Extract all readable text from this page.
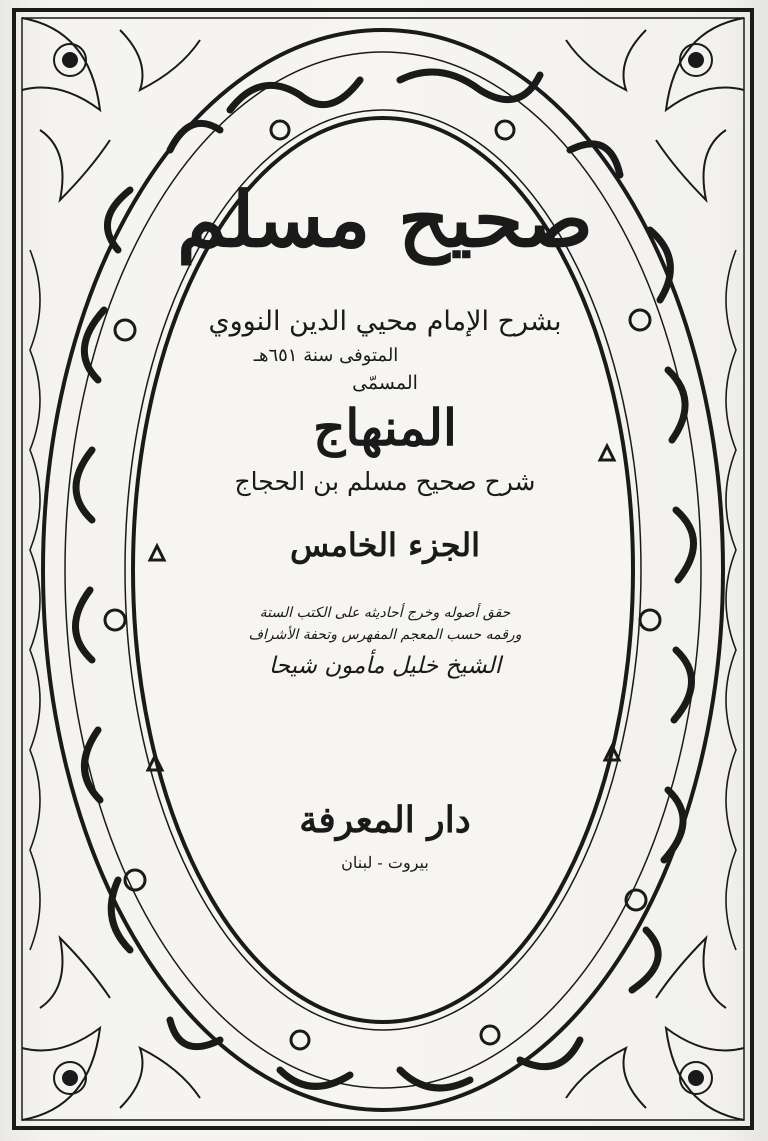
صحيح مسلم

بشرح الإمام محيي الدين النووي

المتوفى سنة ٦٥١هـ

المسمّى

المنهاج

شرح صحيح مسلم بن الحجاج

الجزء الخامس

حقق أصوله وخرج أحاديثه على الكتب الستة

ورقمه حسب المعجم المفهرس وتحفة الأشراف

الشيخ خليل مأمون شيحا

دار المعرفة

بيروت - لبنان
